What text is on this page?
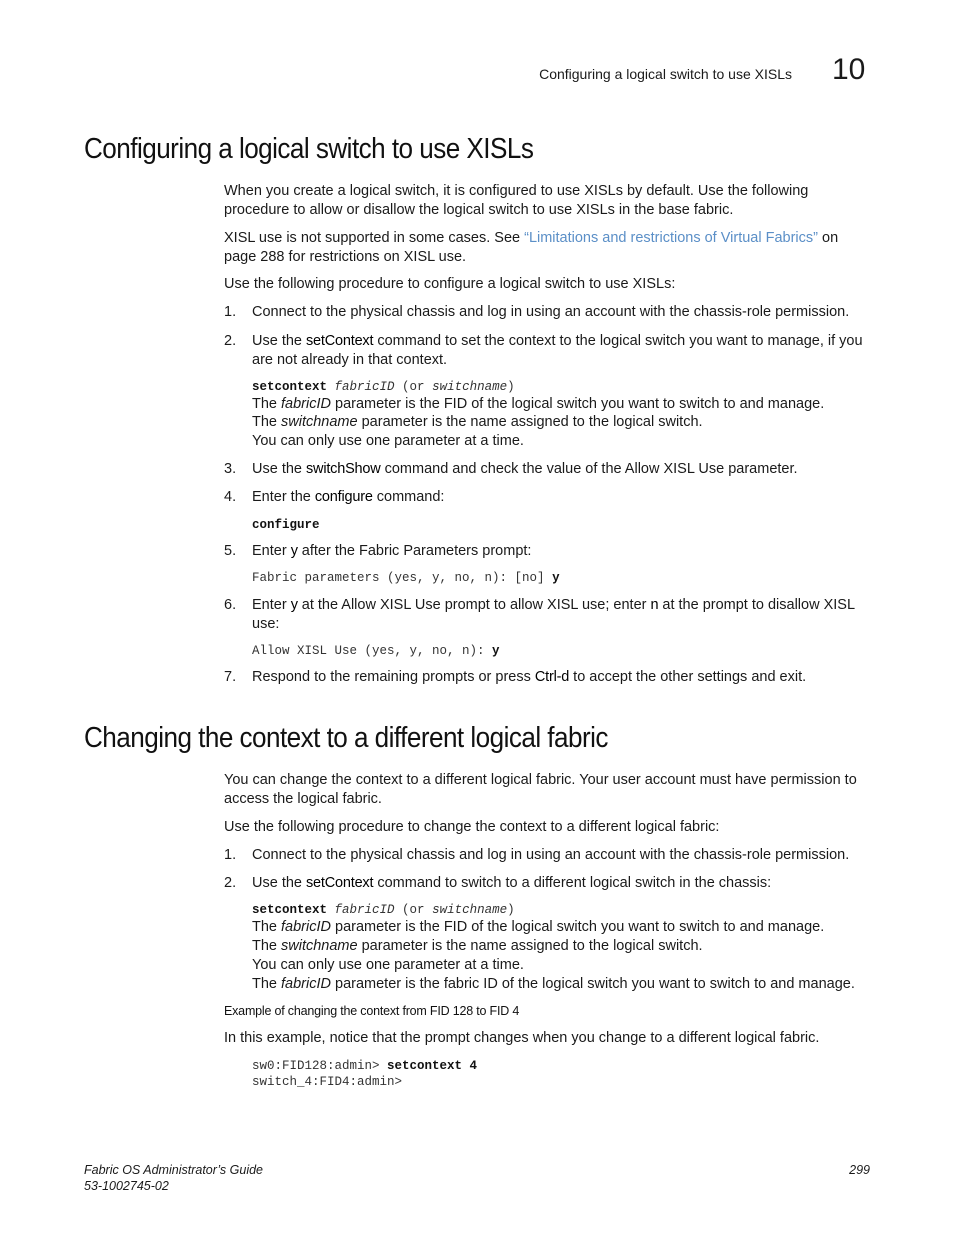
Configuring a logical switch to use XISLs 10
Configuring a logical switch to use XISLs
When you create a logical switch, it is configured to use XISLs by default. Use the following procedure to allow or disallow the logical switch to use XISLs in the base fabric.
XISL use is not supported in some cases. See “Limitations and restrictions of Virtual Fabrics” on page 288 for restrictions on XISL use.
Use the following procedure to configure a logical switch to use XISLs:
1. Connect to the physical chassis and log in using an account with the chassis-role permission.
2. Use the setContext command to set the context to the logical switch you want to manage, if you are not already in that context.
setcontext fabricID (or switchname)
The fabricID parameter is the FID of the logical switch you want to switch to and manage.
The switchname parameter is the name assigned to the logical switch.
You can only use one parameter at a time.
3. Use the switchShow command and check the value of the Allow XISL Use parameter.
4. Enter the configure command:
configure
5. Enter y after the Fabric Parameters prompt:
Fabric parameters (yes, y, no, n): [no] y
6. Enter y at the Allow XISL Use prompt to allow XISL use; enter n at the prompt to disallow XISL use:
Allow XISL Use (yes, y, no, n): y
7. Respond to the remaining prompts or press Ctrl-d to accept the other settings and exit.
Changing the context to a different logical fabric
You can change the context to a different logical fabric. Your user account must have permission to access the logical fabric.
Use the following procedure to change the context to a different logical fabric:
1. Connect to the physical chassis and log in using an account with the chassis-role permission.
2. Use the setContext command to switch to a different logical switch in the chassis:
setcontext fabricID (or switchname)
The fabricID parameter is the FID of the logical switch you want to switch to and manage.
The switchname parameter is the name assigned to the logical switch.
You can only use one parameter at a time.
The fabricID parameter is the fabric ID of the logical switch you want to switch to and manage.
Example of changing the context from FID 128 to FID 4
In this example, notice that the prompt changes when you change to a different logical fabric.
sw0:FID128:admin> setcontext 4
switch_4:FID4:admin>
Fabric OS Administrator’s Guide
53-1002745-02
299
